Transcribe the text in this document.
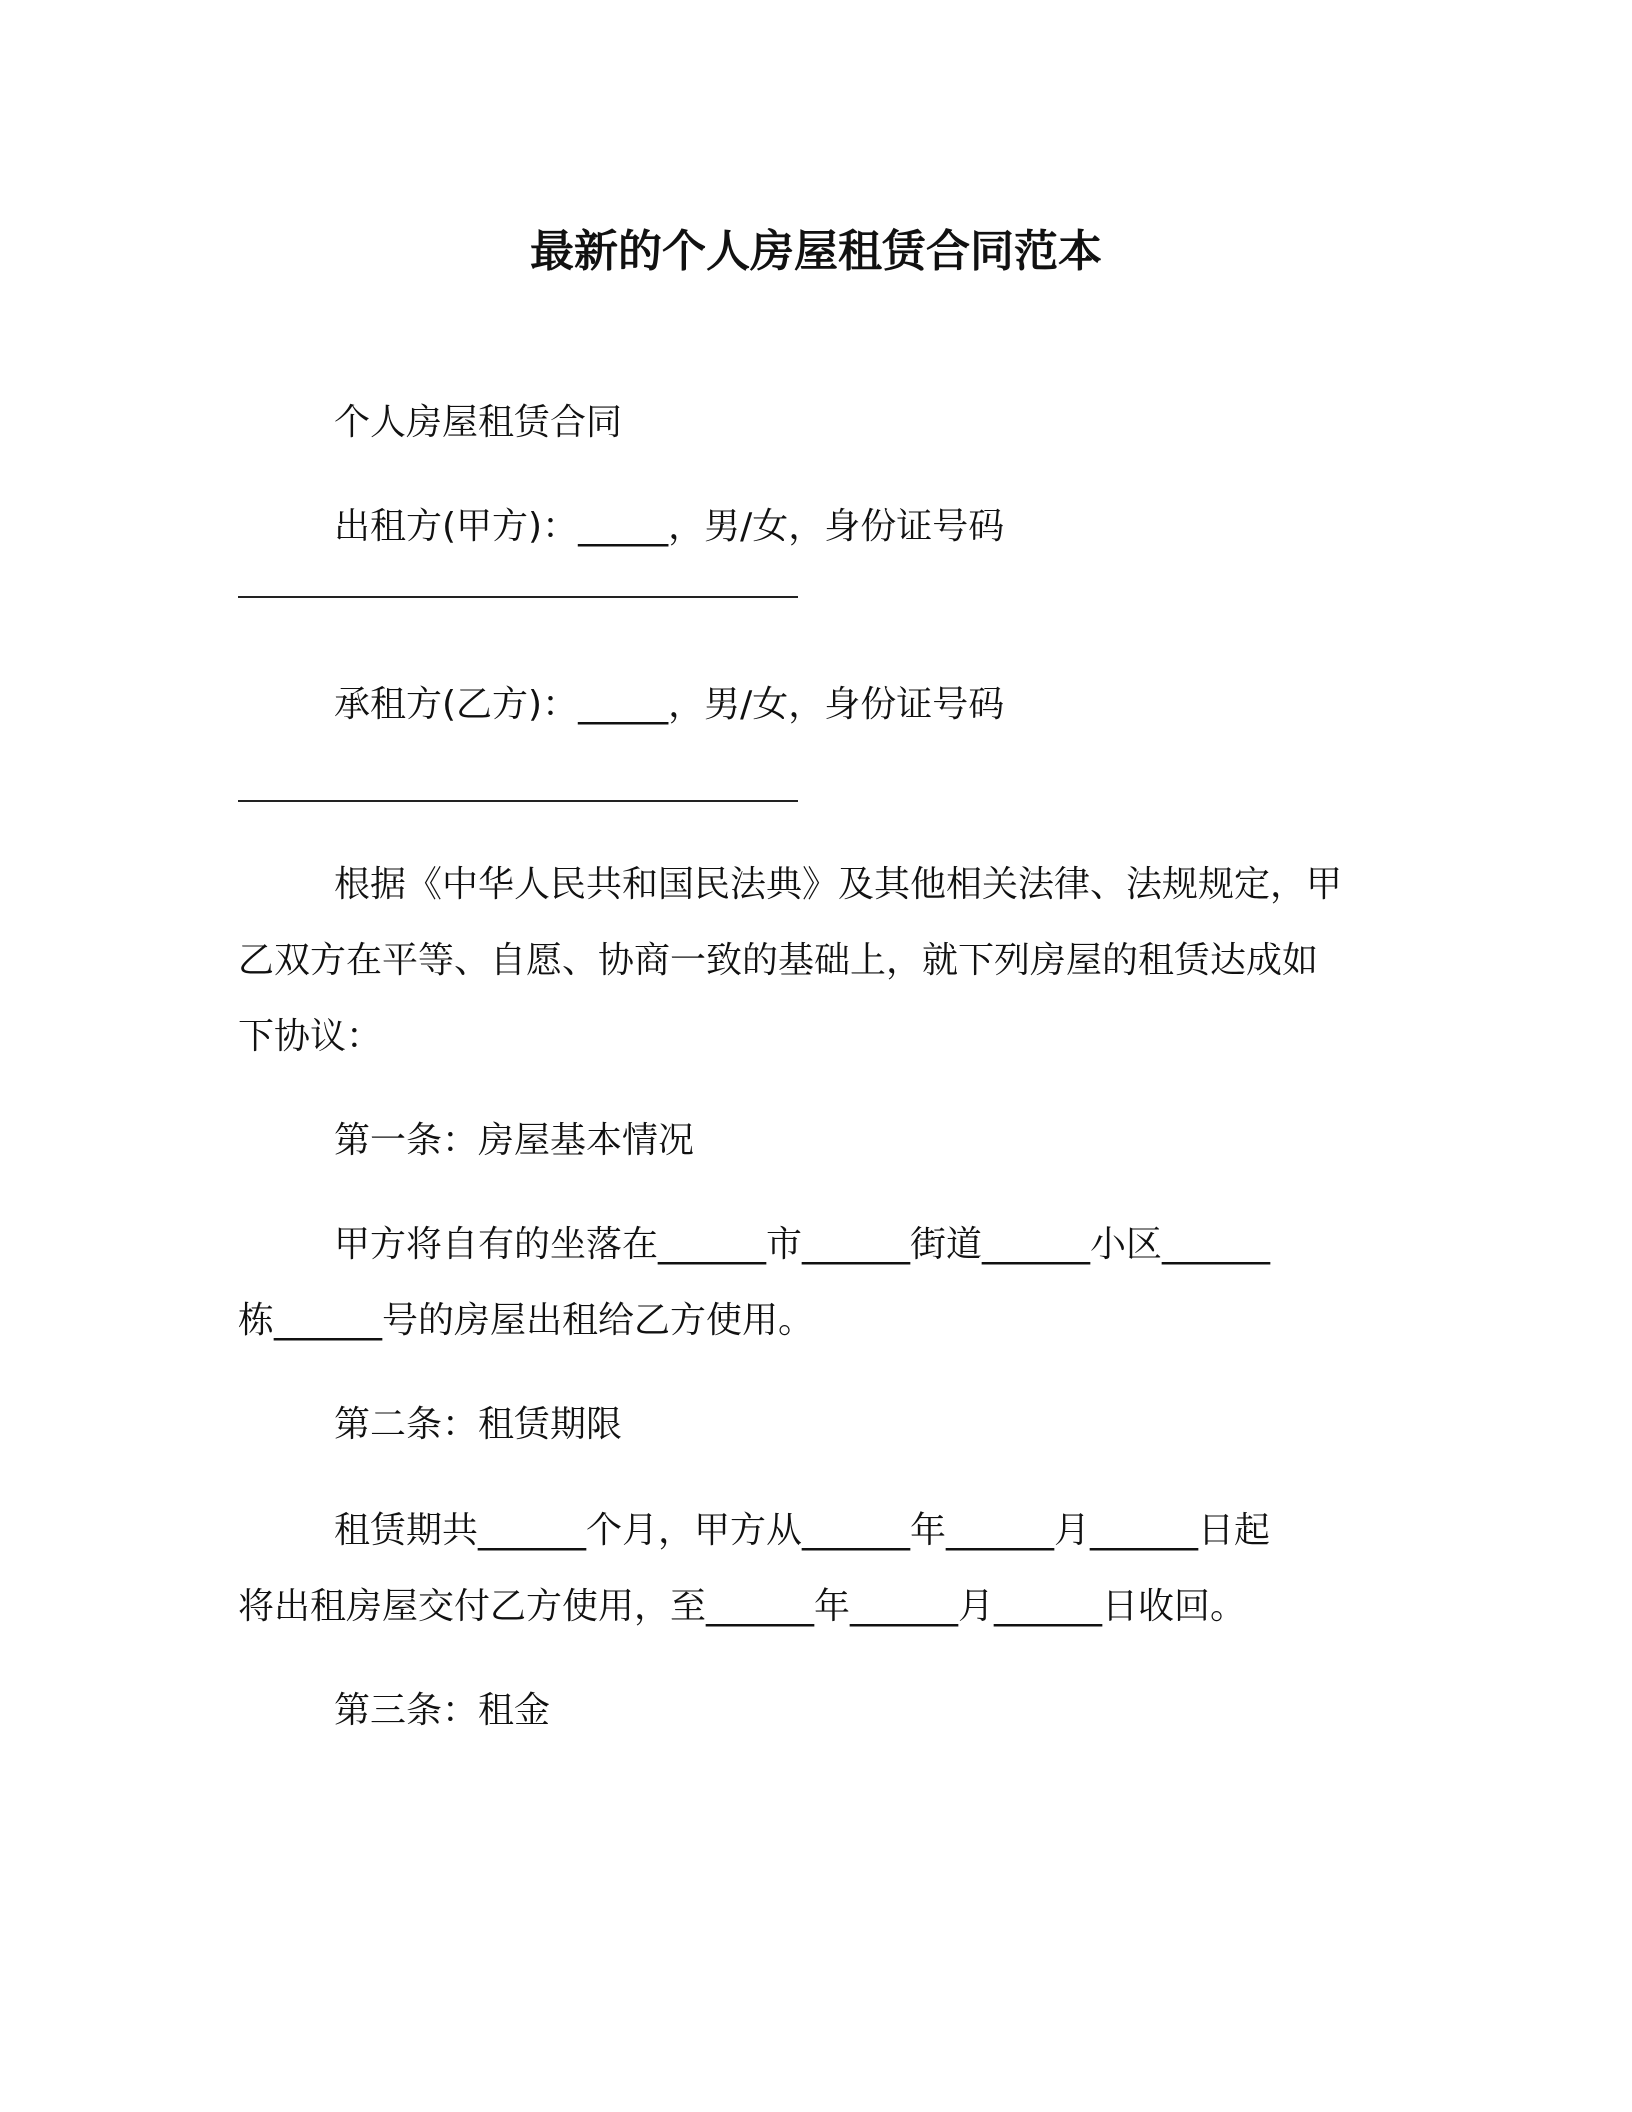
最新的个人房屋租赁合同范本
个人房屋租赁合同
出租方(甲方)：_____，男/女，身份证号码
承租方(乙方)：_____，男/女，身份证号码
根据《中华人民共和国民法典》及其他相关法律、法规规定，甲
乙双方在平等、自愿、协商一致的基础上，就下列房屋的租赁达成如
下协议：
第一条：房屋基本情况
甲方将自有的坐落在______市______街道______小区______
栋______号的房屋出租给乙方使用。
第二条：租赁期限
租赁期共______个月，甲方从______年______月______日起
将出租房屋交付乙方使用，至______年______月______日收回。
第三条：租金
